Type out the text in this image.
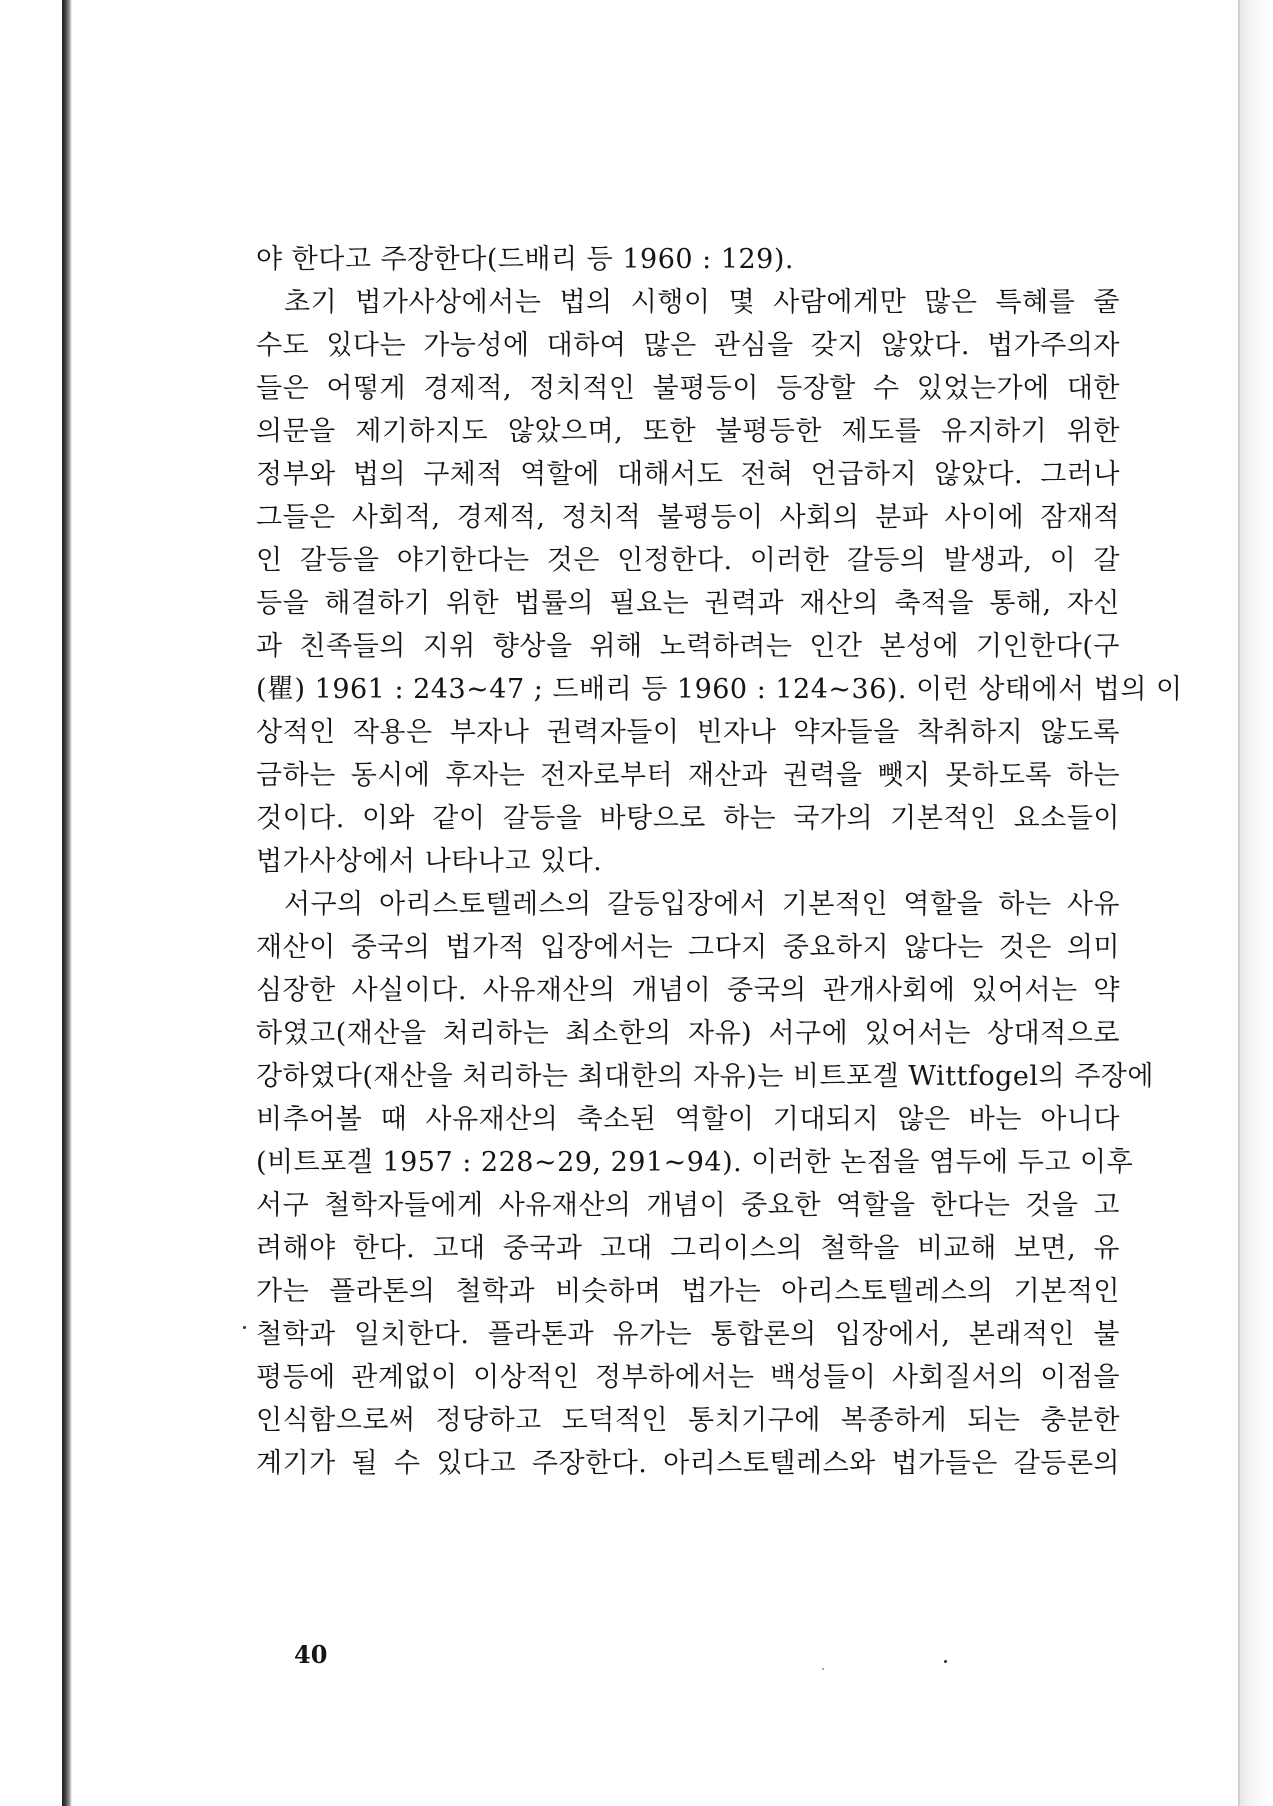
야 한다고 주장한다(드배리 등 1960 : 129).
초기 법가사상에서는 법의 시행이 몇 사람에게만 많은 특혜를 줄
수도 있다는 가능성에 대하여 많은 관심을 갖지 않았다. 법가주의자
들은 어떻게 경제적, 정치적인 불평등이 등장할 수 있었는가에 대한
의문을 제기하지도 않았으며, 또한 불평등한 제도를 유지하기 위한
정부와 법의 구체적 역할에 대해서도 전혀 언급하지 않았다. 그러나
그들은 사회적, 경제적, 정치적 불평등이 사회의 분파 사이에 잠재적
인 갈등을 야기한다는 것은 인정한다. 이러한 갈등의 발생과, 이 갈
등을 해결하기 위한 법률의 필요는 권력과 재산의 축적을 통해, 자신
과 친족들의 지위 향상을 위해 노력하려는 인간 본성에 기인한다(구
(瞿) 1961 : 243~47 ; 드배리 등 1960 : 124~36). 이런 상태에서 법의 이
상적인 작용은 부자나 권력자들이 빈자나 약자들을 착취하지 않도록
금하는 동시에 후자는 전자로부터 재산과 권력을 뺏지 못하도록 하는
것이다. 이와 같이 갈등을 바탕으로 하는 국가의 기본적인 요소들이
법가사상에서 나타나고 있다.
서구의 아리스토텔레스의 갈등입장에서 기본적인 역할을 하는 사유
재산이 중국의 법가적 입장에서는 그다지 중요하지 않다는 것은 의미
심장한 사실이다. 사유재산의 개념이 중국의 관개사회에 있어서는 약
하였고(재산을 처리하는 최소한의 자유) 서구에 있어서는 상대적으로
강하였다(재산을 처리하는 최대한의 자유)는 비트포겔 Wittfogel의 주장에
비추어볼 때 사유재산의 축소된 역할이 기대되지 않은 바는 아니다
(비트포겔 1957 : 228~29, 291~94). 이러한 논점을 염두에 두고 이후
서구 철학자들에게 사유재산의 개념이 중요한 역할을 한다는 것을 고
려해야 한다. 고대 중국과 고대 그리이스의 철학을 비교해 보면, 유
가는 플라톤의 철학과 비슷하며 법가는 아리스토텔레스의 기본적인
철학과 일치한다. 플라톤과 유가는 통합론의 입장에서, 본래적인 불
평등에 관계없이 이상적인 정부하에서는 백성들이 사회질서의 이점을
인식함으로써 정당하고 도덕적인 통치기구에 복종하게 되는 충분한
계기가 될 수 있다고 주장한다. 아리스토텔레스와 법가들은 갈등론의
40
